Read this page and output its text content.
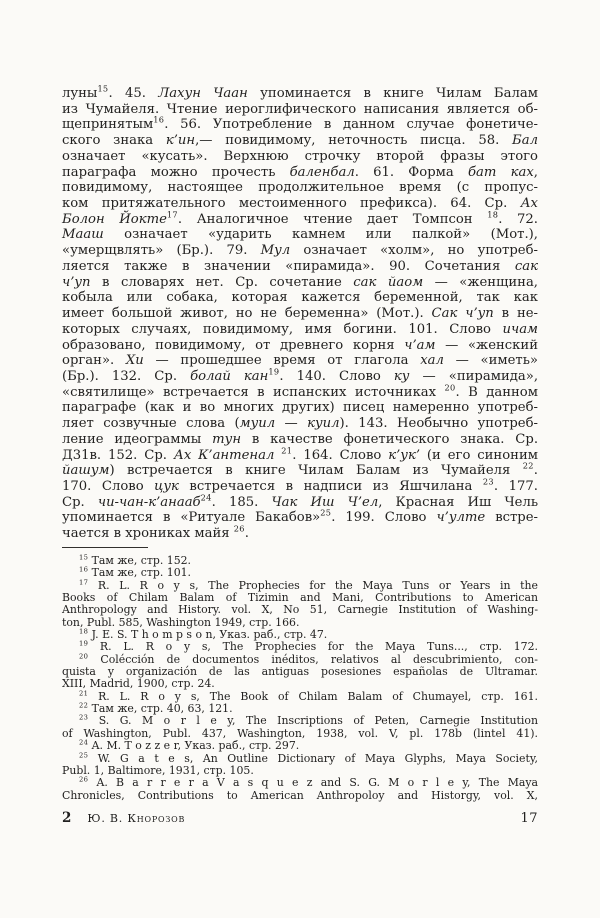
луны$^{15}$. 45. Лахун Чаан упоминается в книге Чилам Балам
из Чумайеля. Чтение иероглифического написания является об-
щепринятым$^{16}$. 56. Употребление в данном случае фонетиче-
ского знака к’ин,— повидимому, неточность писца. 58. Бал
означает «кусать». Верхнюю строчку второй фразы этого
параграфа можно прочесть баленбал. 61. Форма бат ках,
повидимому, настоящее продолжительное время (с пропус-
ком притяжательного местоименного префикса). 64. Ср. Ах
Болон Йокте$^{17}$. Аналогичное чтение дает Томпсон $^{18}$. 72.
Мааш означает «ударить камнем или палкой» (Мот.),
«умерщвлять» (Бр.). 79. Мул означает «холм», но употреб-
ляется также в значении «пирамида». 90. Сочетания сак
ч’уп в словарях нет. Ср. сочетание сак йаом — «женщина,
кобыла или собака, которая кажется беременной, так как
имеет большой живот, но не беременна» (Мот.). Сак ч’уп в не-
которых случаях, повидимому, имя богини. 101. Слово ичам
образовано, повидимому, от древнего корня ч’ам — «женский
орган». Хи — прошедшее время от глагола хал — «иметь»
(Бр.). 132. Ср. болай кан$^{19}$. 140. Слово ку — «пирамида»,
«святилище» встречается в испанских источниках $^{20}$. В данном
параграфе (как и во многих других) писец намеренно употреб-
ляет созвучные слова (муил — куил). 143. Необычно употреб-
ление идеограммы тун в качестве фонетического знака. Ср.
Д31в. 152. Ср. Ах К’антенал $^{21}$. 164. Слово к’ук’ (и его синоним
йашум) встречается в книге Чилам Балам из Чумайеля $^{22}$.
170. Слово цук встречается в надписи из Яшчилана $^{23}$. 177.
Ср. чи-чан-к’анааб$^{24}$. 185. Чак Иш Ч’ел, Красная Иш Чель
упоминается в «Ритуале Бакабов»$^{25}$. 199. Слово ч’улте встре-
чается в хрониках майя $^{26}$.
$^{15}$ Там же, стр. 152.
$^{16}$ Там же, стр. 101.
$^{17}$ R. L. R o y s, The Prophecies for the Maya Tuns or Years in the
Books of Chilam Balam of Tizimin and Mani, Contributions to American
Anthropology and History. vol. X, No 51, Carnegie Institution of Washing-
ton, Publ. 585, Washington 1949, стр. 166.
$^{18}$ J. E. S. T h o m p s o n, Указ. раб., стр. 47.
$^{19}$ R. L. R o y s, The Prophecies for the Maya Tuns..., стр. 172.
$^{20}$ Colécción de documentos inéditos, relativos al descubrimiento, con-
quista y organización de las antiguas posesiones españolas de Ultramar.
XIII, Madrid, 1900, стр. 24.
$^{21}$ R. L. R o y s, The Book of Chilam Balam of Chumayel, стр. 161.
$^{22}$ Там же, стр. 40, 63, 121.
$^{23}$ S. G. M o r l e y, The Inscriptions of Peten, Carnegie Institution
of Washington, Publ. 437, Washington, 1938, vol. V, pl. 178b (lintel 41).
$^{24}$ A. M. T o z z e r, Указ. раб., стр. 297.
$^{25}$ W. G a t e s, An Outline Dictionary of Maya Glyphs, Maya Society,
Publ. 1, Baltimore, 1931, стр. 105.
$^{26}$ A. B a r r e r a V a s q u e z and S. G. M o r l e y, The Maya
Chronicles, Contributions to American Anthropoloy and Historgy, vol. X,
2 Ю. В. Кнорозов	17
